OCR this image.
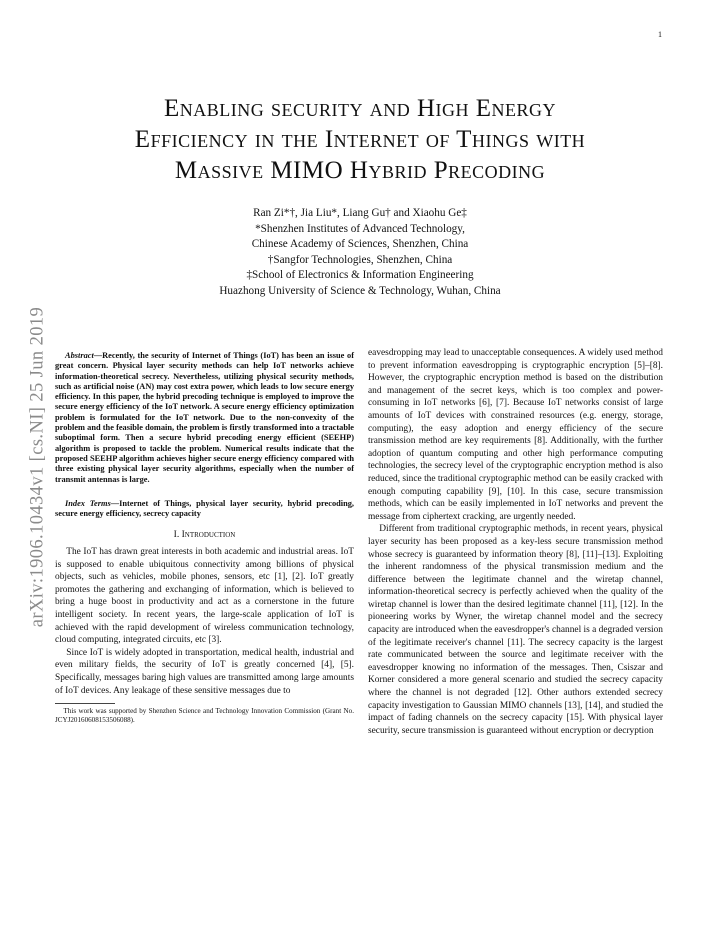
1
arXiv:1906.10434v1 [cs.NI] 25 Jun 2019
Enabling security and High Energy
Efficiency in the Internet of Things with
Massive MIMO Hybrid Precoding
Ran Zi*†, Jia Liu*, Liang Gu† and Xiaohu Ge‡
*Shenzhen Institutes of Advanced Technology,
Chinese Academy of Sciences, Shenzhen, China
†Sangfor Technologies, Shenzhen, China
‡School of Electronics & Information Engineering
Huazhong University of Science & Technology, Wuhan, China

Abstract—Recently, the security of Internet of Things (IoT) has been an issue of great concern. Physical layer security methods can help IoT networks achieve information-theoretical secrecy. Nevertheless, utilizing physical security methods, such as artificial noise (AN) may cost extra power, which leads to low secure energy efficiency. In this paper, the hybrid precoding technique is employed to improve the secure energy efficiency of the IoT network. A secure energy efficiency optimization problem is formulated for the IoT network. Due to the non-convexity of the problem and the feasible domain, the problem is firstly transformed into a tractable suboptimal form. Then a secure hybrid precoding energy efficient (SEEHP) algorithm is proposed to tackle the problem. Numerical results indicate that the proposed SEEHP algorithm achieves higher secure energy efficiency compared with three existing physical layer security algorithms, especially when the number of transmit antennas is large.

Index Terms—Internet of Things, physical layer security, hybrid precoding, secure energy efficiency, secrecy capacity

I. Introduction

The IoT has drawn great interests in both academic and industrial areas. IoT is supposed to enable ubiquitous connectivity among billions of physical objects, such as vehicles, mobile phones, sensors, etc [1], [2]. IoT greatly promotes the gathering and exchanging of information, which is believed to bring a huge boost in productivity and act as a cornerstone in the future intelligent society. In recent years, the large-scale application of IoT is achieved with the rapid development of wireless communication technology, cloud computing, integrated circuits, etc [3].

Since IoT is widely adopted in transportation, medical health, industrial and even military fields, the security of IoT is greatly concerned [4], [5]. Specifically, messages baring high values are transmitted among large amounts of IoT devices. Any leakage of these sensitive messages due to

This work was supported by Shenzhen Science and Technology Innovation Commission (Grant No. JCYJ20160608153506088).

eavesdropping may lead to unacceptable consequences. A widely used method to prevent information eavesdropping is cryptographic encryption [5]–[8]. However, the cryptographic encryption method is based on the distribution and management of the secret keys, which is too complex and power-consuming in IoT networks [6], [7]. Because IoT networks consist of large amounts of IoT devices with constrained resources (e.g. energy, storage, computing), the easy adoption and energy efficiency of the secure transmission method are key requirements [8]. Additionally, with the further adoption of quantum computing and other high performance computing technologies, the secrecy level of the cryptographic encryption method is also reduced, since the traditional cryptographic method can be easily cracked with enough computing capability [9], [10]. In this case, secure transmission methods, which can be easily implemented in IoT networks and prevent the message from ciphertext cracking, are urgently needed.

Different from traditional cryptographic methods, in recent years, physical layer security has been proposed as a key-less secure transmission method whose secrecy is guaranteed by information theory [8], [11]–[13]. Exploiting the inherent randomness of the physical transmission medium and the difference between the legitimate channel and the wiretap channel, information-theoretical secrecy is perfectly achieved when the quality of the wiretap channel is lower than the desired legitimate channel [11], [12]. In the pioneering works by Wyner, the wiretap channel model and the secrecy capacity are introduced when the eavesdropper's channel is a degraded version of the legitimate receiver's channel [11]. The secrecy capacity is the largest rate communicated between the source and legitimate receiver with the eavesdropper knowing no information of the messages. Then, Csiszar and Korner considered a more general scenario and studied the secrecy capacity where the channel is not degraded [12]. Other authors extended secrecy capacity investigation to Gaussian MIMO channels [13], [14], and studied the impact of fading channels on the secrecy capacity [15]. With physical layer security, secure transmission is guaranteed without encryption or decryption
